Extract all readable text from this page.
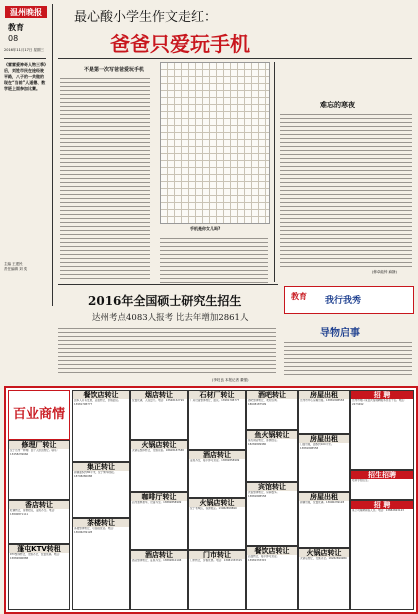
温州晚报
教育
08
2016年11月17日 星期三
《雷雷爱神奇人物三季》后，刘姓市民在途经驶平路，八子的一共做的现在“当前”人道德、数学班上面参加比赛。
主编 王建民
责任编辑 刘 奕
最心酸小学生作文走红：
爸爸只爱玩手机
不是第一次写爸爸爱玩手机
手机是你女儿吗?
难忘的寒夜
(修卓能钟 麻静)
2016年全国硕士研究生招生
达州考点4083人报考 比去年增加2861人
(李旺良 本报记者 董强)
教育 我行我秀
导物启事
百业商情
修理厂转让
位于达州一修理厂因个人原因转让。联系：13458239666
香店转让
旺铺转让，客源稳定，证照齐全。电话：13890871111
蓬屯KTV转租
KTV整体转让，设施齐全，位置优越。电话：15882896888
餐饮店转让
因本人另有发展，店面转让，价格面议。13981798777
集正转让
商铺面积约80平米，位于繁华地段。18708280088
茶楼转让
茶楼整体转让，可直接营业。电话：13696239128
烟店转让
位置优越，人流量大。电话：13568152799
火锅店转让
火锅店整体转让，设施完善。18608187588
咖啡厅转让
店内装修豪华，设备齐全。13882858999
酒店转让
酒店整体转让，证照齐全。13882810108
石材厂转让
厂房设备整体转让，面议。13981798777
酒店转让
证照齐全，接手即可营业。13882858999
火锅店转让
位于老城区，客源稳定。13982858899
门市转让
门市转让，价格优惠。电话：13981333315
酒吧转让
酒吧整体转让，欢迎咨询。18608187599
鱼火锅转让
鱼火锅店转让，客源稳定。18282899980
宾馆转让
宾馆整体转让，房间数多。13881898558
餐饮店转让
店面转让，接手即可营业。13981333315
房屋出租
达州市中心房屋出租。13881898558
房屋出租
门面出租，面积约100平米。13881898558
房屋出租
商铺出租，位置优越。13696239128
火锅店转让
火锅店转让，设施齐全。18282899980
招 聘
达州市渠口景县宾馆诚聘服务员若干名。电话：2273492
招生招聘
培训学校招生。
招 聘
某公司诚聘销售人员。电话：13882823123
